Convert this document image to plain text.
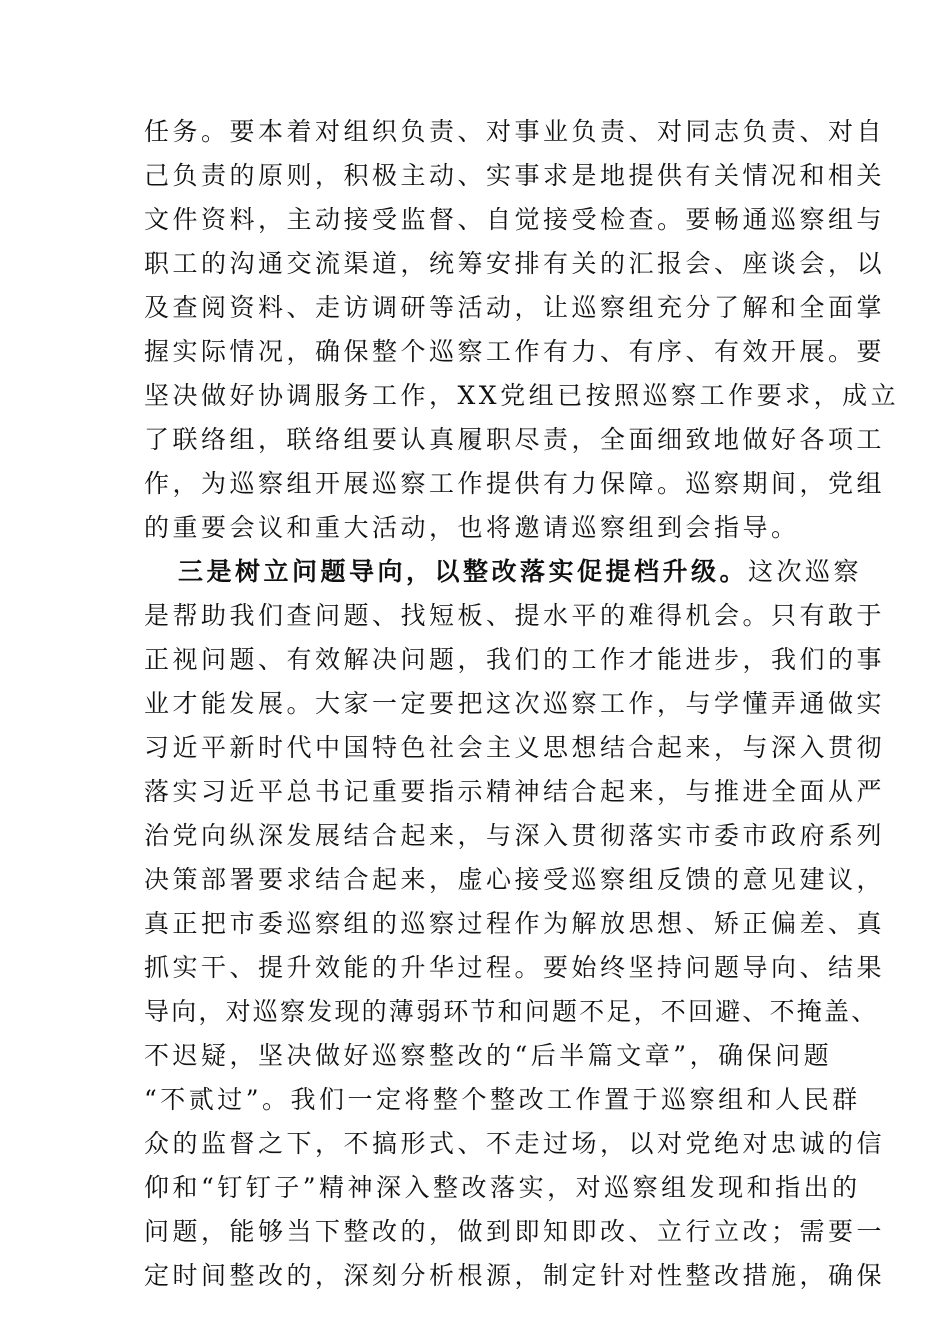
任务。要本着对组织负责、对事业负责、对同志负责、对自
己负责的原则，积极主动、实事求是地提供有关情况和相关
文件资料，主动接受监督、自觉接受检查。要畅通巡察组与
职工的沟通交流渠道，统筹安排有关的汇报会、座谈会，以
及查阅资料、走访调研等活动，让巡察组充分了解和全面掌
握实际情况，确保整个巡察工作有力、有序、有效开展。要
坚决做好协调服务工作，XX党组已按照巡察工作要求，成立
了联络组，联络组要认真履职尽责，全面细致地做好各项工
作，为巡察组开展巡察工作提供有力保障。巡察期间，党组
的重要会议和重大活动，也将邀请巡察组到会指导。
三是树立问题导向，以整改落实促提档升级。这次巡察
是帮助我们查问题、找短板、提水平的难得机会。只有敢于
正视问题、有效解决问题，我们的工作才能进步，我们的事
业才能发展。大家一定要把这次巡察工作，与学懂弄通做实
习近平新时代中国特色社会主义思想结合起来，与深入贯彻
落实习近平总书记重要指示精神结合起来，与推进全面从严
治党向纵深发展结合起来，与深入贯彻落实市委市政府系列
决策部署要求结合起来，虚心接受巡察组反馈的意见建议，
真正把市委巡察组的巡察过程作为解放思想、矫正偏差、真
抓实干、提升效能的升华过程。要始终坚持问题导向、结果
导向，对巡察发现的薄弱环节和问题不足，不回避、不掩盖、
不迟疑，坚决做好巡察整改的“后半篇文章”，确保问题
“不贰过”。我们一定将整个整改工作置于巡察组和人民群
众的监督之下，不搞形式、不走过场，以对党绝对忠诚的信
仰和“钉钉子”精神深入整改落实，对巡察组发现和指出的
问题，能够当下整改的，做到即知即改、立行立改；需要一
定时间整改的，深刻分析根源，制定针对性整改措施，确保
